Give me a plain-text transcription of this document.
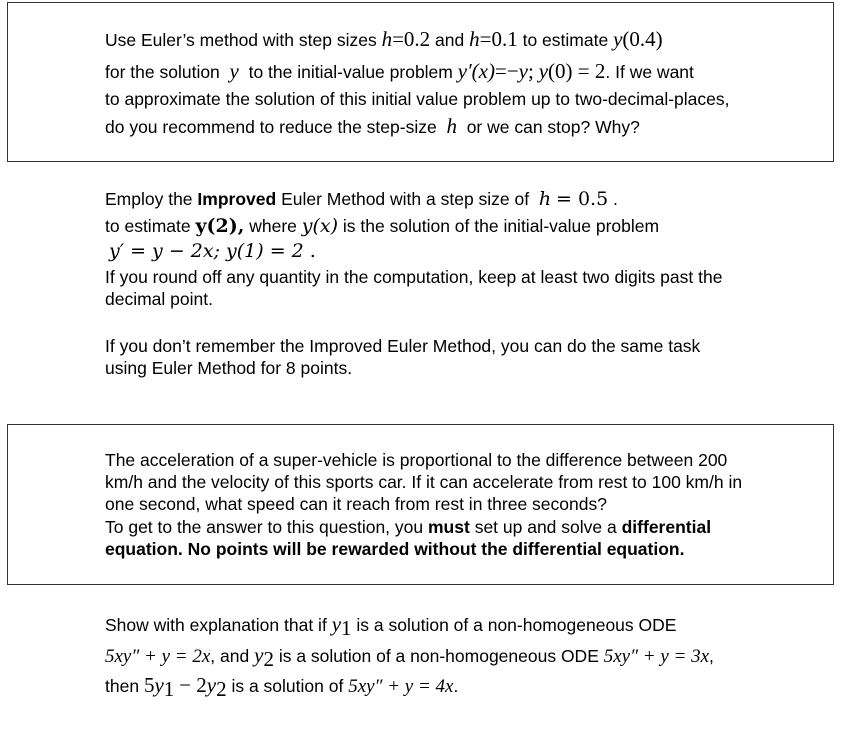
Use Euler’s method with step sizes h=0.2 and h=0.1 to estimate y(0.4)
for the solution y to the initial-value problem y′(x)=−y; y(0) = 2. If we want
to approximate the solution of this initial value problem up to two-decimal-places,
do you recommend to reduce the step-size h or we can stop? Why?
Employ the Improved Euler Method with a step size of h = 0.5 .
to estimate y(2), where y(x) is the solution of the initial-value problem
y′ = y − 2x; y(1) = 2 .
If you round off any quantity in the computation, keep at least two digits past the
decimal point.
If you don’t remember the Improved Euler Method, you can do the same task
using Euler Method for 8 points.
The acceleration of a super-vehicle is proportional to the difference between 200
km/h and the velocity of this sports car. If it can accelerate from rest to 100 km/h in
one second, what speed can it reach from rest in three seconds?
To get to the answer to this question, you must set up and solve a differential
equation. No points will be rewarded without the differential equation.
Show with explanation that if $y_1$ is a solution of a non-homogeneous ODE
5xy″ + y = 2x, and $y_2$ is a solution of a non-homogeneous ODE 5xy″ + y = 3x,
then $5y_1 - 2y_2$ is a solution of 5xy″ + y = 4x.
